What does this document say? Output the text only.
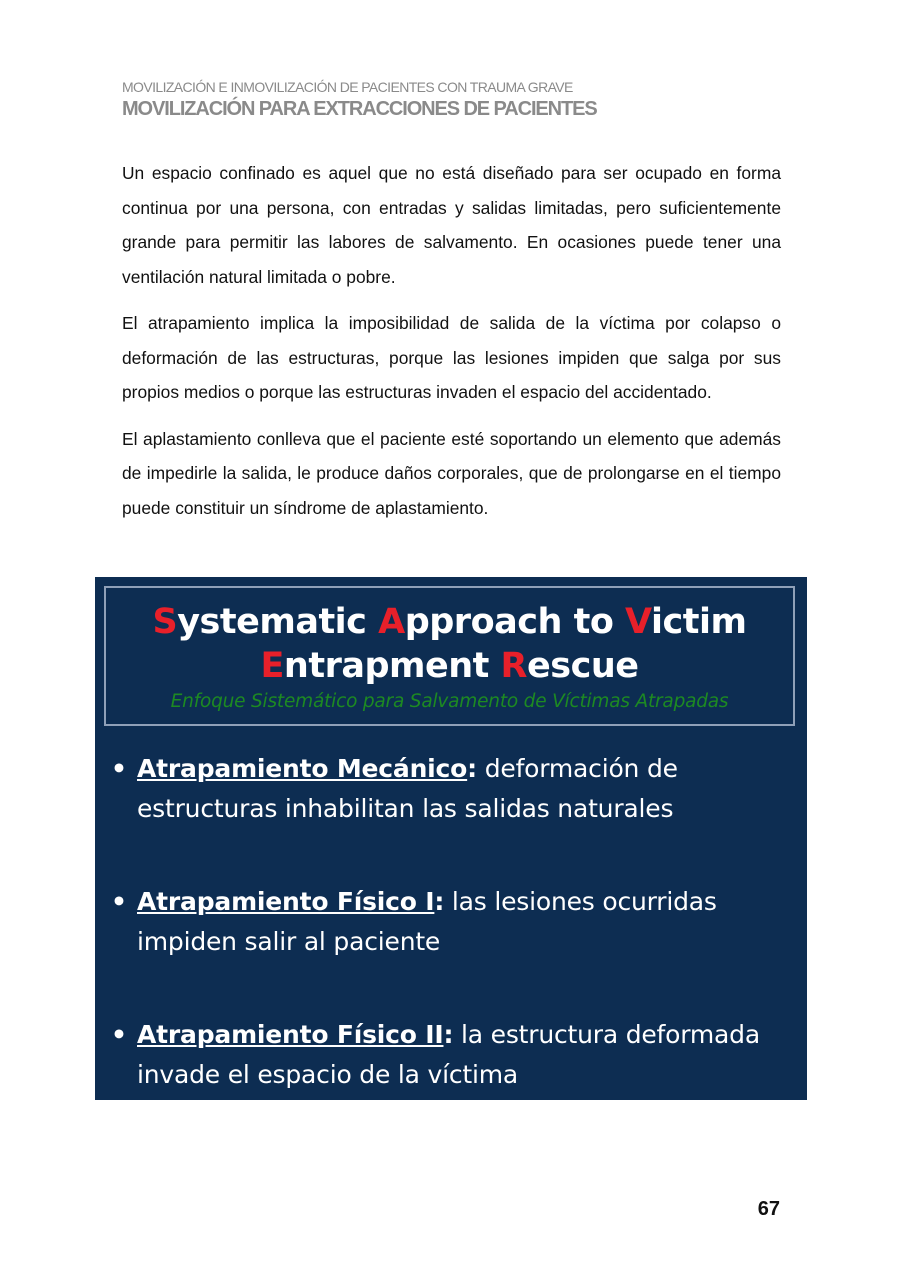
MOVILIZACIÓN E INMOVILIZACIÓN DE PACIENTES CON TRAUMA GRAVE
MOVILIZACIÓN PARA EXTRACCIONES DE PACIENTES

Un espacio confinado es aquel que no está diseñado para ser ocupado en forma continua por una persona, con entradas y salidas limitadas, pero suficientemente grande para permitir las labores de salvamento. En ocasiones puede tener una ventilación natural limitada o pobre.

El atrapamiento implica la imposibilidad de salida de la víctima por colapso o deformación de las estructuras, porque las lesiones impiden que salga por sus propios medios o porque las estructuras invaden el espacio del accidentado.

El aplastamiento conlleva que el paciente esté soportando un elemento que además de impedirle la salida, le produce daños corporales, que de prolongarse en el tiempo puede constituir un síndrome de aplastamiento.

Systematic Approach to Victim
Entrapment Rescue
Enfoque Sistemático para Salvamento de Víctimas Atrapadas
• Atrapamiento Mecánico: deformación de estructuras inhabilitan las salidas naturales
• Atrapamiento Físico I: las lesiones ocurridas impiden salir al paciente
• Atrapamiento Físico II: la estructura deformada invade el espacio de la víctima
67
